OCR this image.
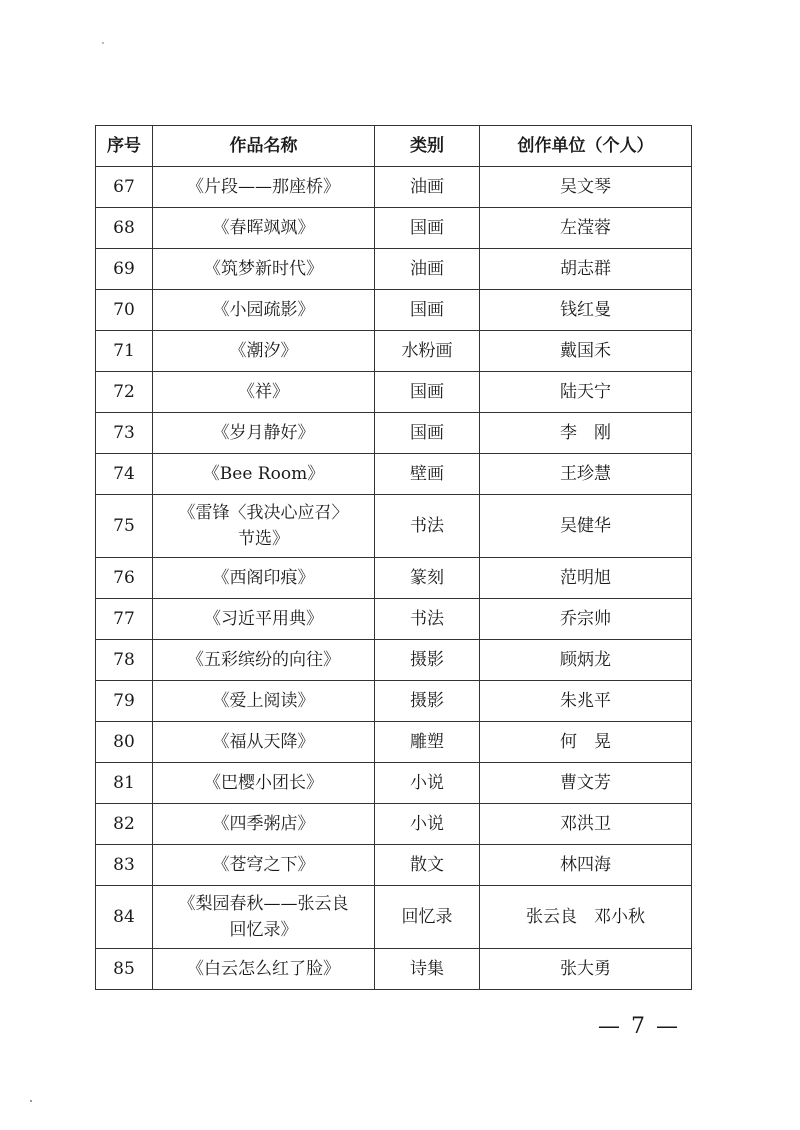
序号	作品名称	类别	创作单位（个人）
67	《片段——那座桥》	油画	吴文琴
68	《春晖飒飒》	国画	左滢蓉
69	《筑梦新时代》	油画	胡志群
70	《小园疏影》	国画	钱红曼
71	《潮汐》	水粉画	戴国禾
72	《祥》	国画	陆天宁
73	《岁月静好》	国画	李　刚
74	《Bee Room》	壁画	王珍慧
75	《雷锋〈我决心应召〉
节选》	书法	吴健华
76	《西阁印痕》	篆刻	范明旭
77	《习近平用典》	书法	乔宗帅
78	《五彩缤纷的向往》	摄影	顾炳龙
79	《爱上阅读》	摄影	朱兆平
80	《福从天降》	雕塑	何　晃
81	《巴樱小团长》	小说	曹文芳
82	《四季粥店》	小说	邓洪卫
83	《苍穹之下》	散文	林四海
84	《梨园春秋——张云良
回忆录》	回忆录	张云良　邓小秋
85	《白云怎么红了脸》	诗集	张大勇
— 7 —
